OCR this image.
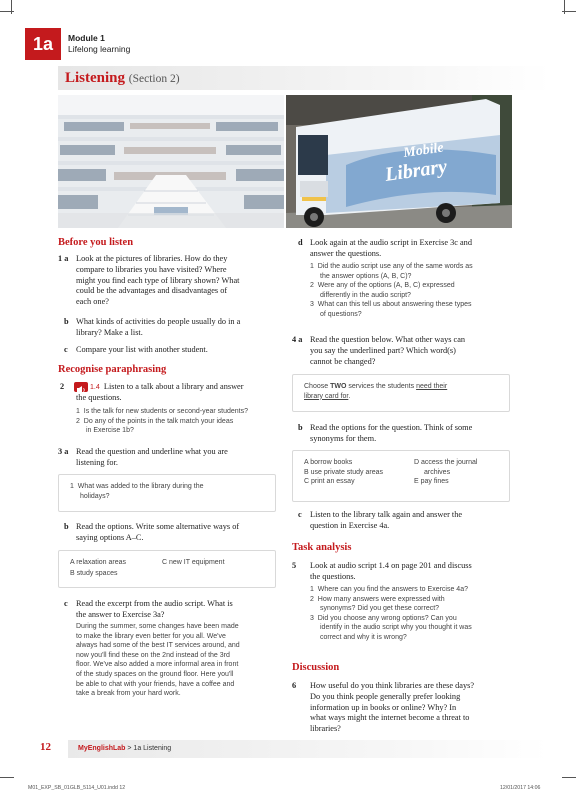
1a Module 1
Lifelong learning
Listening (Section 2)
Mobile
Library
Before you listen
1 a Look at the pictures of libraries. How do they
compare to libraries you have visited? Where
might you find each type of library shown? What
could be the advantages and disadvantages of
each one?
b What kinds of activities do people usually do in a
library? Make a list.
c Compare your list with another student.
Recognise paraphrasing
2	1.4 Listen to a talk about a library and answer
the questions.
1 Is the talk for new students or second-year students?
2 Do any of the points in the talk match your ideas
in Exercise 1b?
3 a Read the question and underline what you are
listening for.
1 What was added to the library during the
holidays?
b Read the options. Write some alternative ways of
saying options A–C.
A relaxation areas	C new IT equipment
B study spaces
c Read the excerpt from the audio script. What is
the answer to Exercise 3a?
During the summer, some changes have been made
to make the library even better for you all. We've
always had some of the best IT services around, and
now you'll find these on the 2nd instead of the 3rd
floor. We've also added a more informal area in front
of the study spaces on the ground floor. Here you'll
be able to chat with your friends, have a coffee and
take a break from your hard work.
d Look again at the audio script in Exercise 3c and
answer the questions.
1 Did the audio script use any of the same words as
the answer options (A, B, C)?
2 Were any of the options (A, B, C) expressed
differently in the audio script?
3 What can this tell us about answering these types
of questions?
4 a Read the question below. What other ways can
you say the underlined part? Which word(s)
cannot be changed?
Choose TWO services the students need their
library card for.
b Read the options for the question. Think of some
synonyms for them.
A borrow books
B use private study areas
C print an essay
D access the journal
archives
E pay fines
c Listen to the library talk again and answer the
question in Exercise 4a.
Task analysis
5 Look at audio script 1.4 on page 201 and discuss
the questions.
1 Where can you find the answers to Exercise 4a?
2 How many answers were expressed with
synonyms? Did you get these correct?
3 Did you choose any wrong options? Can you
identify in the audio script why you thought it was
correct and why it is wrong?
Discussion
6 How useful do you think libraries are these days?
Do you think people generally prefer looking
information up in books or online? Why? In
what ways might the internet become a threat to
libraries?
12	MyEnglishLab > 1a Listening
M01_EXP_SB_01GLB_5114_U01.indd 12	12/01/2017 14:06
